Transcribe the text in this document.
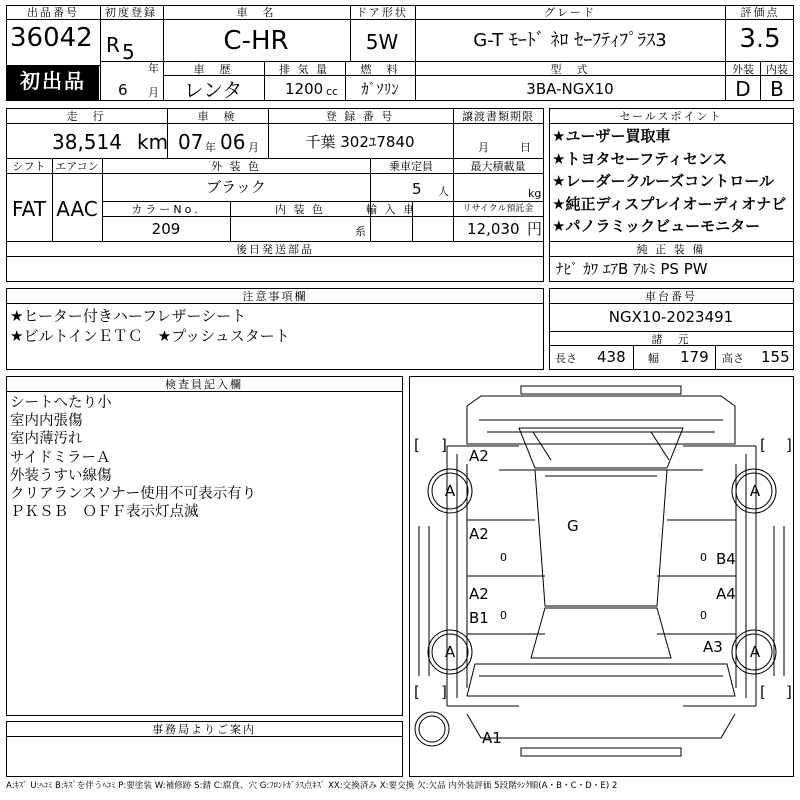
出品番号
36042
初出品
初度登録
R 5
年
6 月
車　名
C-HR
ドア形状
5W
グレード
G-T ﾓｰﾄﾞ ﾈﾛ ｾｰﾌﾃｨﾌﾟﾗｽ3
評価点
3.5
車　歴
レンタ
排 気 量
1200 cc
燃　料
ｶﾞｿﾘﾝ
型　式
3BA-NGX10
外装
D
内装
B
走　行
38,514 km
車　検
07 年 06 月
登 録 番 号
千葉 302ﾕ7840
譲渡書類期限
月	日
シフト
FAT
エアコン
AAC
外 装 色
ブラック
乗車定員
5 人
最大積載量
kg
カラーNo.
209
内 装 色
系
輸 入 車	リサイクル預託金
12,030 円
後日発送部品
セールスポイント
純 正 装 備
ﾅﾋﾞ ｶﾜ ｴｱB ｱﾙﾐ PS PW
★ユーザー買取車
★トヨタセーフティセンス
★レーダークルーズコントロール
★純正ディスプレイオーディオナビ
★パノラミックビューモニター
注意事項欄
★ヒーター付きハーフレザーシート
★ビルトインＥＴＣ　★プッシュスタート
車台番号
NGX10-2023491
諸　元
長さ 438 幅 179 高さ 155
検査員記入欄
シートへたり小
室内内張傷
室内薄汚れ
サイドミラーＡ
外装うすい線傷
クリアランスソナー使用不可表示有り
ＰＫＳＢ　ＯＦＦ表示灯点滅
事務局よりご案内
[ ]	[ ]
[ ]	[ ]
A2
A	A
G
A2
0	0 B4
A2	A4
0	0
B1
A	A3 A
A1
A:ｷｽﾞ U:ﾍｺﾐ B:ｷｽﾞを伴うﾍｺﾐ P:要塗装 W:補修跡 S:錆 C:腐食、穴 G:ﾌﾛﾝﾄｶﾞﾗｽ点ｷｽﾞ XX:交換済み X:要交換 欠:欠品 内外装評価 5段階ﾗﾝｸ順(A・B・C・D・E) 2
